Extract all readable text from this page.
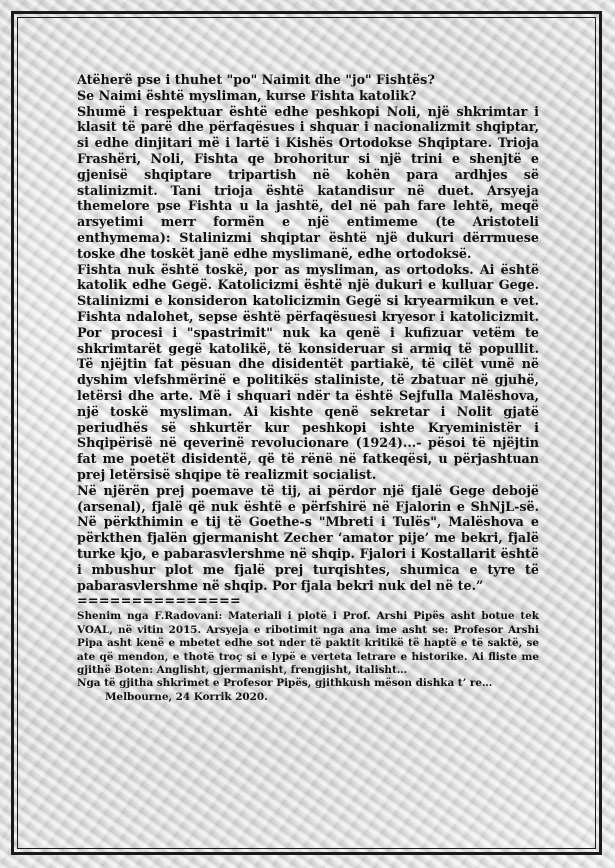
Atëherë pse i thuhet "po" Naimit dhe "jo" Fishtës?

Se Naimi është mysliman, kurse Fishta katolik?

Shumë i respektuar është edhe peshkopi Noli, një shkrimtar i klasit të parë dhe përfaqësues i shquar i nacionalizmit shqiptar, si edhe dinjitari më i lartë i Kishës Ortodokse Shqiptare. Trioja Frashëri, Noli, Fishta qe brohoritur si një trini e shenjtë e gjenisë shqiptare tripartish në kohën para ardhjes së stalinizmit. Tani trioja është katandisur në duet. Arsyeja themelore pse Fishta u la jashtë, del në pah fare lehtë, meqë arsyetimi merr formën e një entimeme (te Aristoteli enthymema): Stalinizmi shqiptar është një dukuri dërrmuese toske dhe toskët janë edhe myslimanë, edhe ortodoksë.

Fishta nuk është toskë, por as mysliman, as ortodoks. Ai është katolik edhe Gegë. Katolicizmi është një dukuri e kulluar Gege. Stalinizmi e konsideron katolicizmin Gegë si kryearmikun e vet. Fishta ndalohet, sepse është përfaqësuesi kryesor i katolicizmit. Por procesi i "spastrimit" nuk ka qenë i kufizuar vetëm te shkrimtarët gegë katolikë, të konsideruar si armiq të popullit. Të njëjtin fat pësuan dhe disidentët partiakë, të cilët vunë në dyshim vlefshmërinë e politikës staliniste, të zbatuar në gjuhë, letërsi dhe arte. Më i shquari ndër ta është Sejfulla Malëshova, një toskë mysliman. Ai kishte qenë sekretar i Nolit gjatë periudhës së shkurtër kur peshkopi ishte Kryeministër i Shqipërisë në qeverinë revolucionare (1924)...- pësoi të njëjtin fat me poetët disidentë, që të rënë në fatkeqësi, u përjashtuan prej letërsisë shqipe të realizmit socialist.

Në njërën prej poemave të tij, ai përdor një fjalë Gege debojë (arsenal), fjalë që nuk është e përfshirë në Fjalorin e ShNjL-së. Në përkthimin e tij të Goethe-s "Mbreti i Tulës", Malëshova e përkthen fjalën gjermanisht Zecher ‘amator pije’ me bekri, fjalë turke kjo, e pabarasvlershme në shqip. Fjalori i Kostallarit është i mbushur plot me fjalë prej turqishtes, shumica e tyre të pabarasvlershme në shqip. Por fjala bekri nuk del në te.”

===============

Shenim nga F.Radovani: Materiali i plotë i Prof. Arshi Pipës asht botue tek VOAL, në vitin 2015. Arsyeja e ribotimit nga ana ime asht se: Profesor Arshi Pipa asht kenë e mbetet edhe sot nder të paktit kritikë të haptë e të saktë, se ate që mendon, e thotë troç si e lypë e verteta letrare e historike. Ai fliste me gjithë Boten: Anglisht, gjermanisht, frengjisht, italisht…

Nga të gjitha shkrimet e Profesor Pipës, gjithkush mëson dishka t’ re…

Melbourne, 24 Korrik 2020.
